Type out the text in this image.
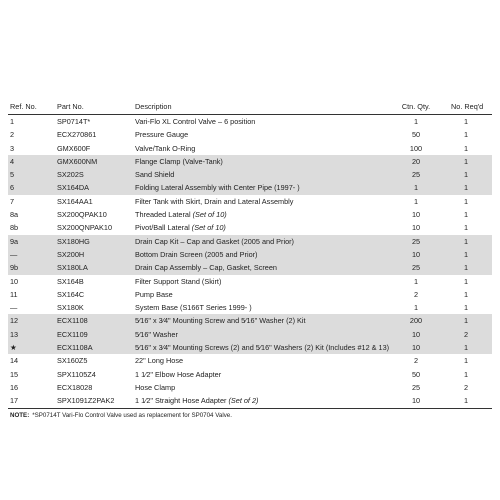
Ref. No.	Part No.	Description	Ctn. Qty.	No. Req'd
1	SP0714T*	Vari-Flo XL Control Valve – 6 position	1	1
2	ECX270861	Pressure Gauge	50	1
3	GMX600F	Valve/Tank O-Ring	100	1
4	GMX600NM	Flange Clamp (Valve-Tank)	20	1
5	SX202S	Sand Shield	25	1
6	SX164DA	Folding Lateral Assembly with Center Pipe (1997- )	1	1
7	SX164AA1	Filter Tank with Skirt, Drain and Lateral Assembly	1	1
8a	SX200QPAK10	Threaded Lateral (Set of 10)	10	1
8b	SX200QNPAK10	Pivot/Ball Lateral (Set of 10)	10	1
9a	SX180HG	Drain Cap Kit – Cap and Gasket (2005 and Prior)	25	1
—	SX200H	Bottom Drain Screen (2005 and Prior)	10	1
9b	SX180LA	Drain Cap Assembly – Cap, Gasket, Screen	25	1
10	SX164B	Filter Support Stand (Skirt)	1	1
11	SX164C	Pump Base	2	1
—	SX180K	System Base (S166T Series 1999- )	1	1
12	ECX1108	5⁄16" x 3⁄4" Mounting Screw and 5⁄16" Washer (2) Kit	200	1
13	ECX1109	5⁄16" Washer	10	2
★	ECX1108A	5⁄16" x 3⁄4" Mounting Screws (2) and 5⁄16" Washers (2) Kit (Includes #12 & 13)	10	1
14	SX160Z5	22" Long Hose	2	1
15	SPX1105Z4	1 1⁄2" Elbow Hose Adapter	50	1
16	ECX18028	Hose Clamp	25	2
17	SPX1091Z2PAK2	1 1⁄2" Straight Hose Adapter (Set of 2)	10	1
NOTE: *SP0714T Vari-Flo Control Valve used as replacement for SP0704 Valve.
